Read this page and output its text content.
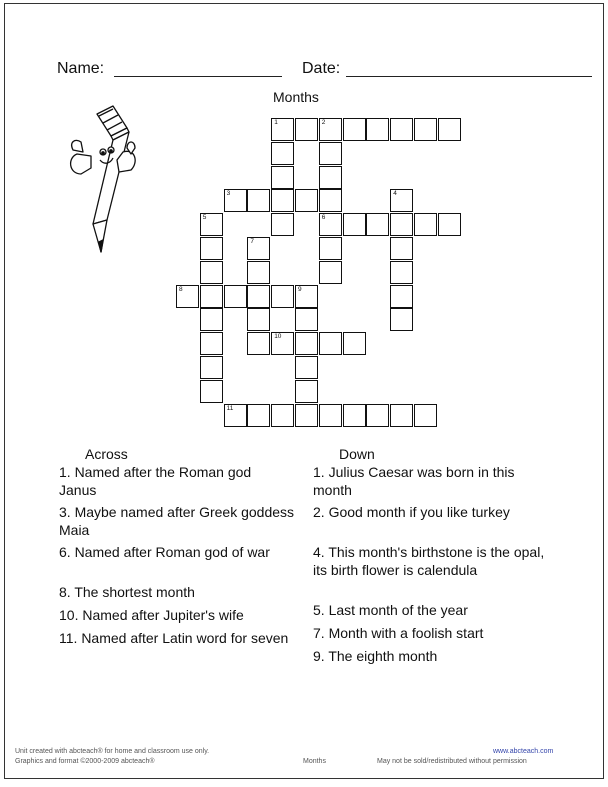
Name:	Date:
Months
1	2
6
3	4
5
7
8	9
10
11
Across	Down
1. Named after the Roman god Janus
3. Maybe named after Greek goddess Maia
6. Named after Roman god of war
8. The shortest month
10. Named after Jupiter's wife
11. Named after Latin word for seven
1. Julius Caesar was born in this month
2. Good month if you like turkey
4. This month's birthstone is the opal, its birth flower is calendula
5. Last month of the year
7. Month with a foolish start
9. The eighth month
Unit created with abcteach® for home and classroom use only.
Graphics and format ©2000-2009 abcteach®	Months
www.abcteach.com
May not be sold/redistributed without permission
